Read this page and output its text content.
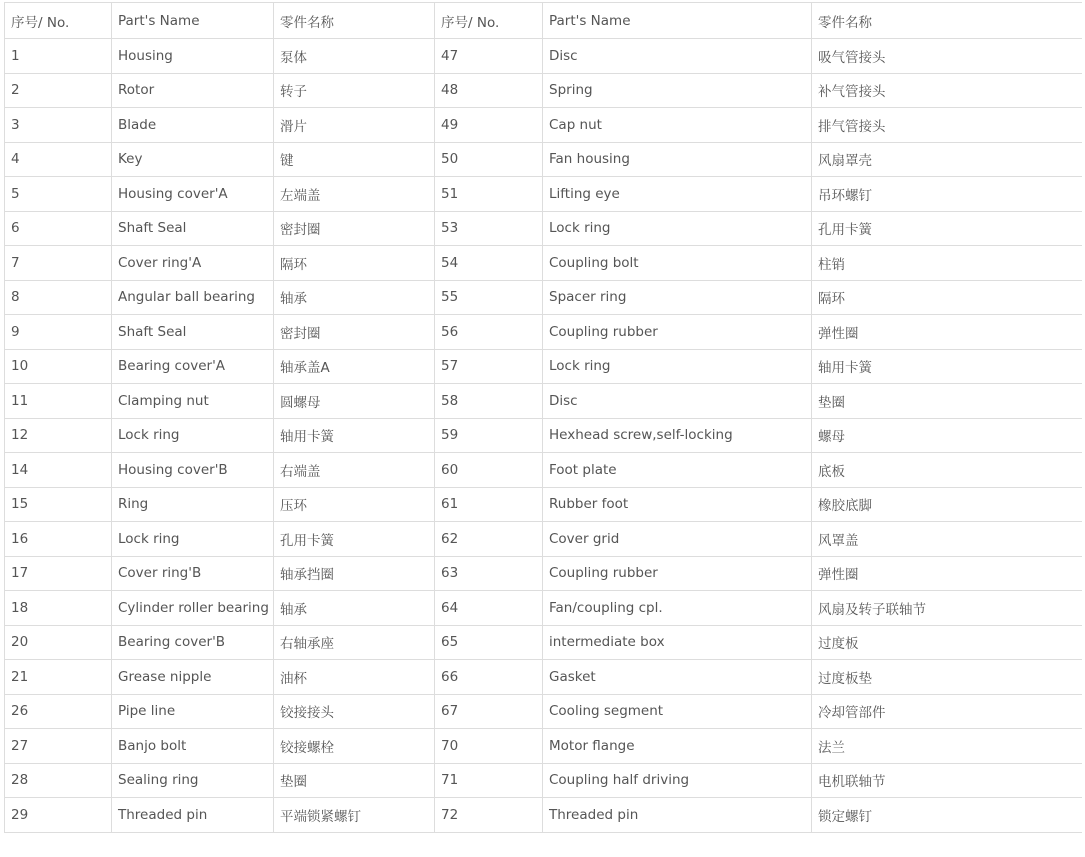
序号/ No.	Part's Name	零件名称	序号/ No.	Part's Name	零件名称
1	Housing	泵体	47	Disc	吸气管接头
2	Rotor	转子	48	Spring	补气管接头
3	Blade	滑片	49	Cap nut	排气管接头
4	Key	键	50	Fan housing	风扇罩壳
5	Housing cover'A	左端盖	51	Lifting eye	吊环螺钉
6	Shaft Seal	密封圈	53	Lock ring	孔用卡簧
7	Cover ring'A	隔环	54	Coupling bolt	柱销
8	Angular ball bearing	轴承	55	Spacer ring	隔环
9	Shaft Seal	密封圈	56	Coupling rubber	弹性圈
10	Bearing cover'A	轴承盖A	57	Lock ring	轴用卡簧
11	Clamping nut	圆螺母	58	Disc	垫圈
12	Lock ring	轴用卡簧	59	Hexhead screw,self-locking	螺母
14	Housing cover'B	右端盖	60	Foot plate	底板
15	Ring	压环	61	Rubber foot	橡胶底脚
16	Lock ring	孔用卡簧	62	Cover grid	风罩盖
17	Cover ring'B	轴承挡圈	63	Coupling rubber	弹性圈
18	Cylinder roller bearing	轴承	64	Fan/coupling cpl.	风扇及转子联轴节
20	Bearing cover'B	右轴承座	65	intermediate box	过度板
21	Grease nipple	油杯	66	Gasket	过度板垫
26	Pipe line	铰接接头	67	Cooling segment	冷却管部件
27	Banjo bolt	铰接螺栓	70	Motor flange	法兰
28	Sealing ring	垫圈	71	Coupling half driving	电机联轴节
29	Threaded pin	平端锁紧螺钉	72	Threaded pin	锁定螺钉
